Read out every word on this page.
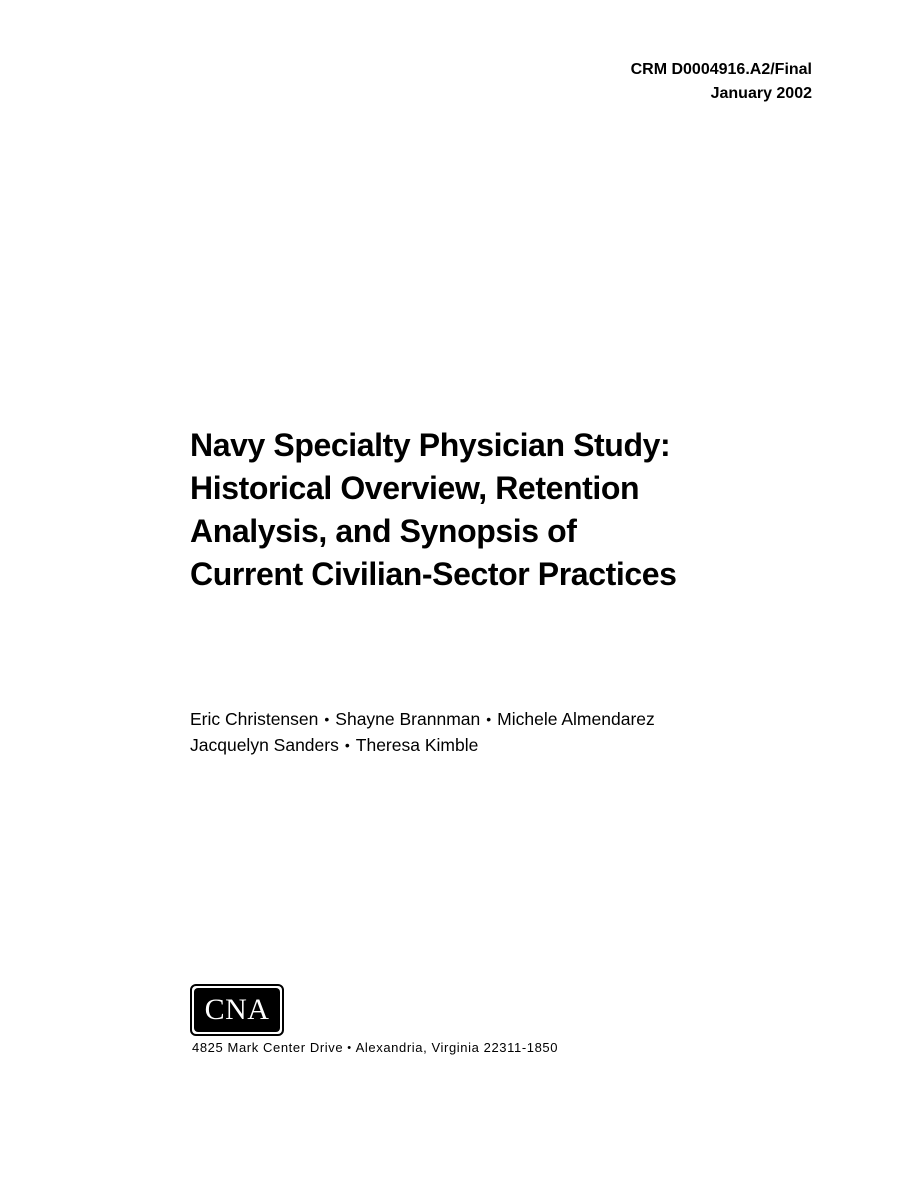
CRM D0004916.A2/Final
January 2002
Navy Specialty Physician Study:
Historical Overview, Retention
Analysis, and Synopsis of
Current Civilian-Sector Practices
Eric Christensen • Shayne Brannman • Michele Almendarez
Jacquelyn Sanders • Theresa Kimble
CNA
4825 Mark Center Drive • Alexandria, Virginia 22311-1850
